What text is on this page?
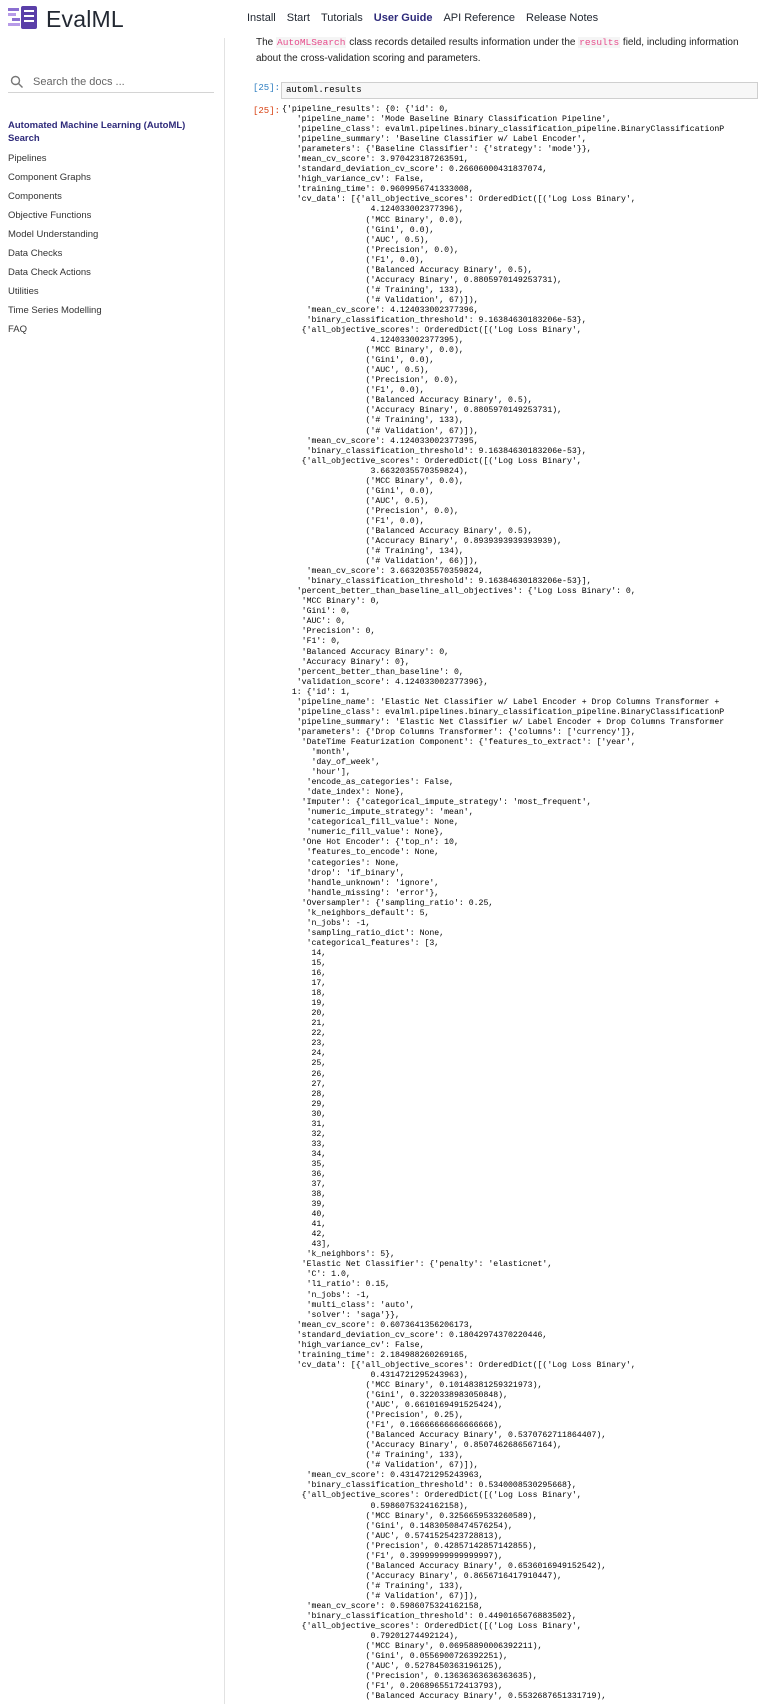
EvalML	Install Start Tutorials User Guide API Reference Release Notes
Search the docs ...
Automated Machine Learning (AutoML) Search
Pipelines
Component Graphs
Components
Objective Functions
Model Understanding
Data Checks
Data Check Actions
Utilities
Time Series Modelling
FAQ

The AutoMLSearch class records detailed results information under the results field, including information about the cross-validation scoring and parameters.

[25]: automl.results
[25]: {'pipeline_results': {0: {'id': 0,
'pipeline_name': 'Mode Baseline Binary Classification Pipeline',
'pipeline_class': evalml.pipelines.binary_classification_pipeline.BinaryClassificationP
'pipeline_summary': 'Baseline Classifier w/ Label Encoder',
'parameters': {'Baseline Classifier': {'strategy': 'mode'}},
'mean_cv_score': 3.970423187263591,
'standard_deviation_cv_score': 0.26606000431837074,
'high_variance_cv': False,
'training_time': 0.9609956741333008,
'cv_data': [{'all_objective_scores': OrderedDict([('Log Loss Binary',
4.124033002377396),
('MCC Binary', 0.0),
('Gini', 0.0),
('AUC', 0.5),
('Precision', 0.0),
('F1', 0.0),
('Balanced Accuracy Binary', 0.5),
('Accuracy Binary', 0.8805970149253731),
('# Training', 133),
('# Validation', 67)]),
'mean_cv_score': 4.124033002377396,
'binary_classification_threshold': 9.16384630183206e-53},
{'all_objective_scores': OrderedDict([('Log Loss Binary',
4.124033002377395),
('MCC Binary', 0.0),
('Gini', 0.0),
('AUC', 0.5),
('Precision', 0.0),
('F1', 0.0),
('Balanced Accuracy Binary', 0.5),
('Accuracy Binary', 0.8805970149253731),
('# Training', 133),
('# Validation', 67)]),
'mean_cv_score': 4.124033002377395,
'binary_classification_threshold': 9.16384630183206e-53},
{'all_objective_scores': OrderedDict([('Log Loss Binary',
3.6632035570359824),
('MCC Binary', 0.0),
('Gini', 0.0),
('AUC', 0.5),
('Precision', 0.0),
('F1', 0.0),
('Balanced Accuracy Binary', 0.5),
('Accuracy Binary', 0.8939393939393939),
('# Training', 134),
('# Validation', 66)]),
'mean_cv_score': 3.6632035570359824,
'binary_classification_threshold': 9.16384630183206e-53}],
'percent_better_than_baseline_all_objectives': {'Log Loss Binary': 0,
'MCC Binary': 0,
'Gini': 0,
'AUC': 0,
'Precision': 0,
'F1': 0,
'Balanced Accuracy Binary': 0,
'Accuracy Binary': 0},
'percent_better_than_baseline': 0,
'validation_score': 4.124033002377396},
1: {'id': 1,
'pipeline_name': 'Elastic Net Classifier w/ Label Encoder + Drop Columns Transformer +
'pipeline_class': evalml.pipelines.binary_classification_pipeline.BinaryClassificationP
'pipeline_summary': 'Elastic Net Classifier w/ Label Encoder + Drop Columns Transformer
'parameters': {'Drop Columns Transformer': {'columns': ['currency']},
'DateTime Featurization Component': {'features_to_extract': ['year',
'month',
'day_of_week',
'hour'],
'encode_as_categories': False,
'date_index': None},
'Imputer': {'categorical_impute_strategy': 'most_frequent',
'numeric_impute_strategy': 'mean',
'categorical_fill_value': None,
'numeric_fill_value': None},
'One Hot Encoder': {'top_n': 10,
'features_to_encode': None,
'categories': None,
'drop': 'if_binary',
'handle_unknown': 'ignore',
'handle_missing': 'error'},
'Oversampler': {'sampling_ratio': 0.25,
'k_neighbors_default': 5,
'n_jobs': -1,
'sampling_ratio_dict': None,
'categorical_features': [3,
14,
15,
16,
17,
18,
19,
20,
21,
22,
23,
24,
25,
26,
27,
28,
29,
30,
31,
32,
33,
34,
35,
36,
37,
38,
39,
40,
41,
42,
43],
'k_neighbors': 5},
'Elastic Net Classifier': {'penalty': 'elasticnet',
'C': 1.0,
'l1_ratio': 0.15,
'n_jobs': -1,
'multi_class': 'auto',
'solver': 'saga'}},
'mean_cv_score': 0.6073641356206173,
'standard_deviation_cv_score': 0.18042974370220446,
'high_variance_cv': False,
'training_time': 2.184988260269165,
'cv_data': [{'all_objective_scores': OrderedDict([('Log Loss Binary',
0.4314721295243963),
('MCC Binary', 0.10148381259321973),
('Gini', 0.3220338983050848),
('AUC', 0.6610169491525424),
('Precision', 0.25),
('F1', 0.16666666666666666),
('Balanced Accuracy Binary', 0.5370762711864407),
('Accuracy Binary', 0.8507462686567164),
('# Training', 133),
('# Validation', 67)]),
'mean_cv_score': 0.4314721295243963,
'binary_classification_threshold': 0.5340008530295668},
{'all_objective_scores': OrderedDict([('Log Loss Binary',
0.5986075324162158),
('MCC Binary', 0.3256659533260589),
('Gini', 0.1483050847457625​4),
('AUC', 0.5741525423728813),
('Precision', 0.42857142857142855),
('F1', 0.39999999999999997),
('Balanced Accuracy Binary', 0.6536016949152542),
('Accuracy Binary', 0.8656716417910447),
('# Training', 133),
('# Validation', 67)]),
'mean_cv_score': 0.5986075324162158,
'binary_classification_threshold': 0.4490165676883502},
{'all_objective_scores': OrderedDict([('Log Loss Binary',
0.79201274492124),
('MCC Binary', 0.06958890006392211),
('Gini', 0.0556900726392251),
('AUC', 0.5278450363196125),
('Precision', 0.13636363636363635),
('F1', 0.20689655172413793),
('Balanced Accuracy Binary', 0.5532687651331719),
